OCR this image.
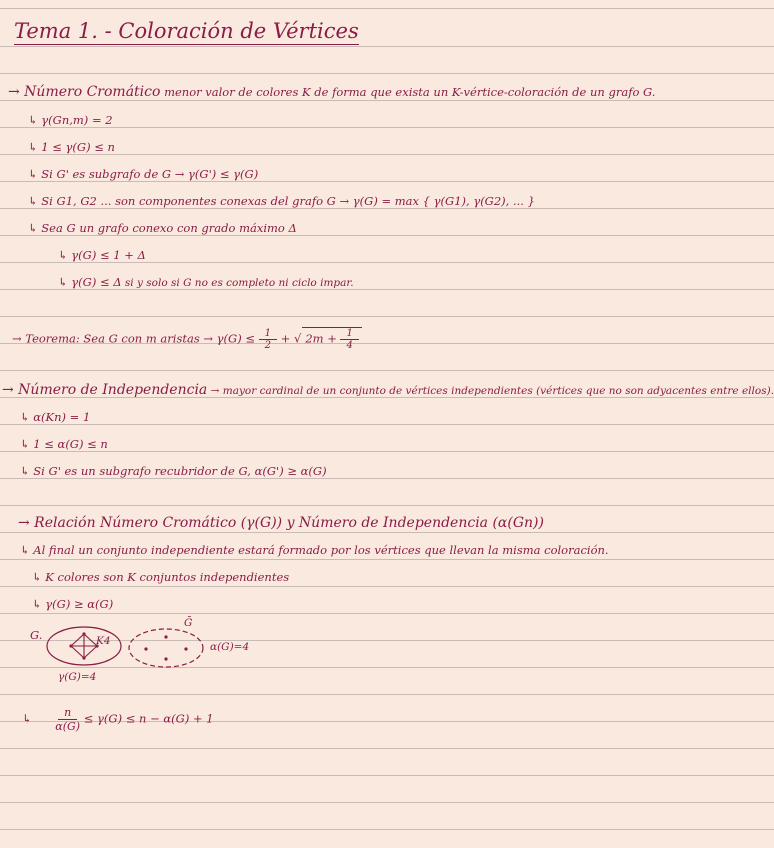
Tema 1. - Coloración de Vértices
→ Número Cromático menor valor de colores K de forma que exista un K-vértice-coloración de un grafo G.
↳ γ(Gn,m) = 2
↳ 1 ≤ γ(G) ≤ n
↳ Si G' es subgrafo de G → γ(G') ≤ γ(G)
↳ Si G1, G2 ... son componentes conexas del grafo G → γ(G) = max { γ(G1), γ(G2), ... }
↳ Sea G un grafo conexo con grado máximo Δ
↳ γ(G) ≤ 1 + Δ
↳ γ(G) ≤ Δ si y solo si G no es completo ni ciclo impar.
→ Teorema: Sea G con m aristas → $\gamma(G) \le \frac{1}{2}$ + √ $2m + \frac{1}{4}$
→ Número de Independencia → mayor cardinal de un conjunto de vértices independientes (vértices que no son adyacentes entre ellos).
↳ α(Kn) = 1
↳ 1 ≤ α(G) ≤ n
↳ Si G' es un subgrafo recubridor de G, α(G') ≥ α(G)
→ Relación Número Cromático (γ(G)) y Número de Independencia (α(Gn))
↳ Al final un conjunto independiente estará formado por los vértices que llevan la misma coloración.
↳ K colores son K conjuntos independientes
↳ γ(G) ≥ α(G)
G.	K4
γ(G)=4
Ḡ
α(G)=4
↳ $\frac{n}{\alpha(G)} \le \gamma(G) \le n - \alpha(G) + 1$
